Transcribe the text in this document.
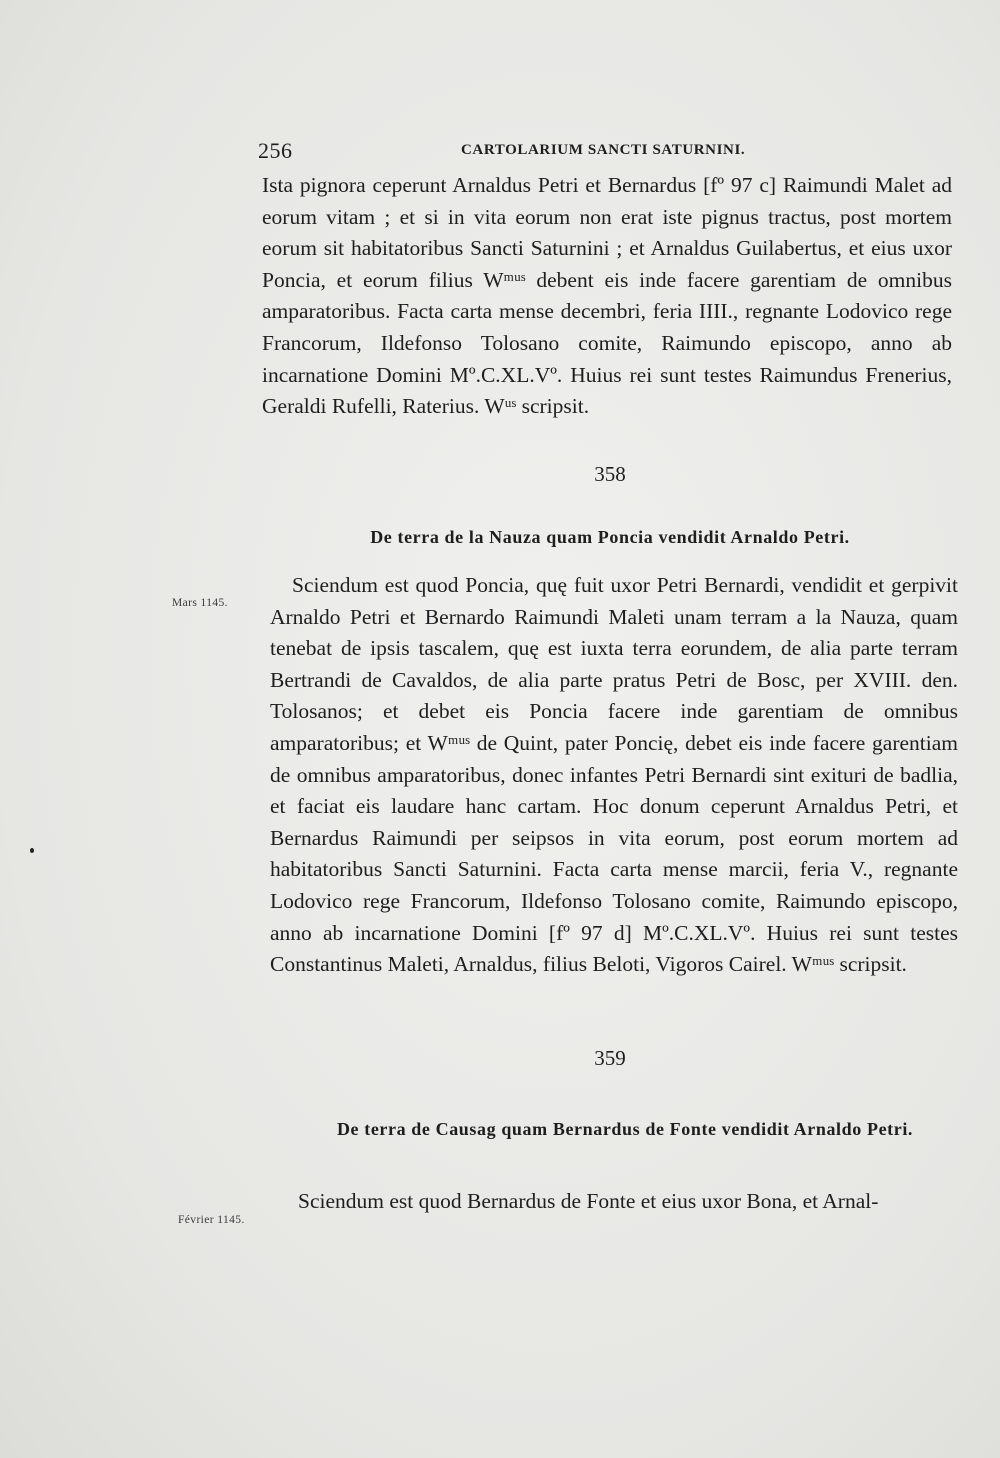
256	CARTOLARIUM SANCTI SATURNINI.

Ista pignora ceperunt Arnaldus Petri et Bernardus [fº 97 c] Raimundi Malet ad eorum vitam ; et si in vita eorum non erat iste pignus tractus, post mortem eorum sit habitatoribus Sancti Saturnini ; et Arnaldus Guilabertus, et eius uxor Poncia, et eorum filius Wᵐᵘˢ debent eis inde facere garentiam de omnibus amparatoribus. Facta carta mense decembri, feria IIII., regnante Lodovico rege Francorum, Ildefonso Tolosano comite, Raimundo episcopo, anno ab incarnatione Domini Mº.C.XL.Vº. Huius rei sunt testes Raimundus Frenerius, Geraldi Rufelli, Raterius. Wᵘˢ scripsit.

358

De terra de la Nauza quam Poncia vendidit Arnaldo Petri.

Mars 1145.

Sciendum est quod Poncia, quę fuit uxor Petri Bernardi, vendidit et gerpivit Arnaldo Petri et Bernardo Raimundi Maleti unam terram a la Nauza, quam tenebat de ipsis tascalem, quę est iuxta terra eorundem, de alia parte terram Bertrandi de Cavaldos, de alia parte pratus Petri de Bosc, per XVIII. den. Tolosanos; et debet eis Poncia facere inde garentiam de omnibus amparatoribus; et Wᵐᵘˢ de Quint, pater Poncię, debet eis inde facere garentiam de omnibus amparatoribus, donec infantes Petri Bernardi sint exituri de badlia, et faciat eis laudare hanc cartam. Hoc donum ceperunt Arnaldus Petri, et Bernardus Raimundi per seipsos in vita eorum, post eorum mortem ad habitatoribus Sancti Saturnini. Facta carta mense marcii, feria V., regnante Lodovico rege Francorum, Ildefonso Tolosano comite, Raimundo episcopo, anno ab incarnatione Domini [fº 97 d] Mº.C.XL.Vº. Huius rei sunt testes Constantinus Maleti, Arnaldus, filius Beloti, Vigoros Cairel. Wᵐᵘˢ scripsit.

359

De terra de Causag quam Bernardus de Fonte vendidit Arnaldo Petri.

Février 1145.

Sciendum est quod Bernardus de Fonte et eius uxor Bona, et Arnal-
